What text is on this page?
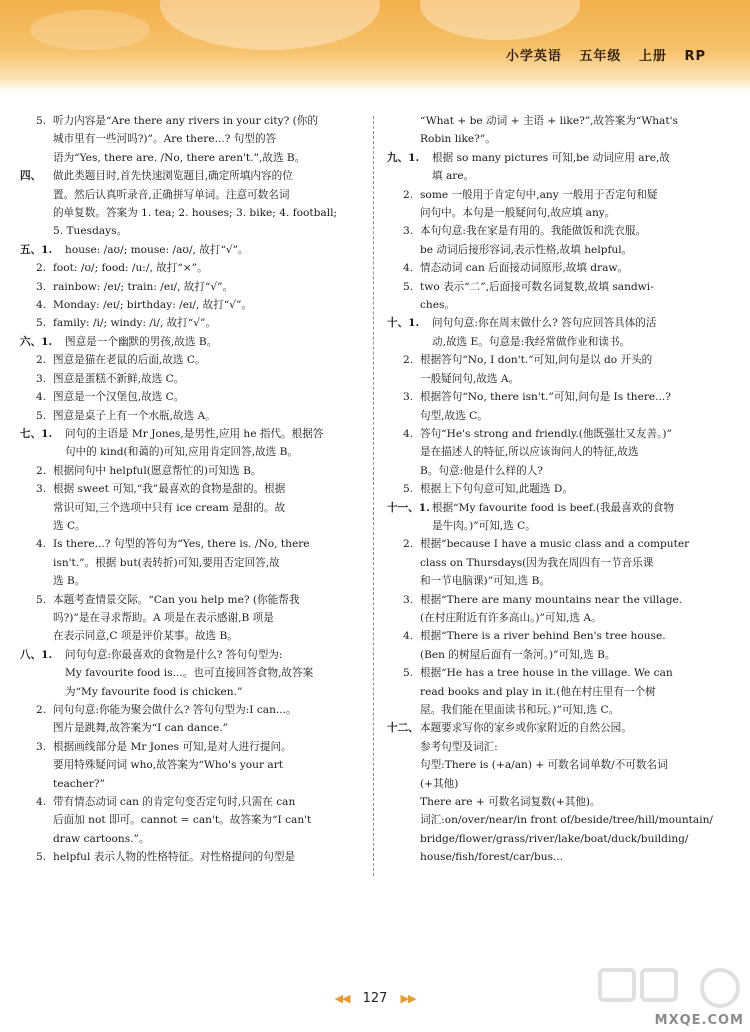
小学英语 五年级 上册 RP
5. 听力内容是“Are there any rivers in your city? (你的
城市里有一些河吗?)”。Are there...? 句型的答
语为“Yes, there are. /No, there aren't.”,故选 B。
四、 做此类题目时,首先快速浏览题目,确定所填内容的位
置。然后认真听录音,正确拼写单词。注意可数名词
的单复数。答案为 1. tea; 2. houses; 3. bike; 4. football;
5. Tuesdays。
五、1. house: /aʊ/; mouse: /aʊ/, 故打“√”。
2. foot: /ʊ/; food: /u:/, 故打“×”。
3. rainbow: /eɪ/; train: /eɪ/, 故打“√”。
4. Monday: /eɪ/; birthday: /eɪ/, 故打“√”。
5. family: /i/; windy: /i/, 故打“√”。
六、1. 图意是一个幽默的男孩,故选 B。
2. 图意是猫在老鼠的后面,故选 C。
3. 图意是蛋糕不新鲜,故选 C。
4. 图意是一个汉堡包,故选 C。
5. 图意是桌子上有一个水瓶,故选 A。
七、1. 问句的主语是 Mr Jones,是男性,应用 he 指代。根据答
句中的 kind(和蔼的)可知,应用肯定回答,故选 B。
2. 根据问句中 helpful(愿意帮忙的)可知选 B。
3. 根据 sweet 可知,“我”最喜欢的食物是甜的。根据
常识可知,三个选项中只有 ice cream 是甜的。故
选 C。
4. Is there...? 句型的答句为“Yes, there is. /No, there
isn't.”。根据 but(表转折)可知,要用否定回答,故
选 B。
5. 本题考查情景交际。“Can you help me? (你能帮我
吗?)”是在寻求帮助。A 项是在表示感谢,B 项是
在表示同意,C 项是评价某事。故选 B。
八、1. 问句句意:你最喜欢的食物是什么? 答句句型为:
My favourite food is...。也可直接回答食物,故答案
为“My favourite food is chicken.”
2. 问句句意:你能为聚会做什么? 答句句型为:I can...。
图片是跳舞,故答案为“I can dance.”
3. 根据画线部分是 Mr Jones 可知,是对人进行提问。
要用特殊疑问词 who,故答案为“Who's your art
teacher?”
4. 带有情态动词 can 的肯定句变否定句时,只需在 can
后面加 not 即可。cannot = can't。故答案为“I can't
draw cartoons.”。
5. helpful 表示人物的性格特征。对性格提问的句型是
“What + be 动词 + 主语 + like?”,故答案为“What's
Robin like?”。
九、1. 根据 so many pictures 可知,be 动词应用 are,故
填 are。
2. some 一般用于肯定句中,any 一般用于否定句和疑
问句中。本句是一般疑问句,故应填 any。
3. 本句句意:我在家是有用的。我能做饭和洗衣服。
be 动词后接形容词,表示性格,故填 helpful。
4. 情态动词 can 后面接动词原形,故填 draw。
5. two 表示“二”,后面接可数名词复数,故填 sandwi-
ches。
十、1. 问句句意:你在周末做什么? 答句应回答具体的活
动,故选 E。句意是:我经常做作业和读书。
2. 根据答句“No, I don't.”可知,问句是以 do 开头的
一般疑问句,故选 A。
3. 根据答句“No, there isn't.”可知,问句是 Is there...?
句型,故选 C。
4. 答句“He's strong and friendly.(他既强壮又友善。)”
是在描述人的特征,所以应该询问人的特征,故选
B。句意:他是什么样的人?
5. 根据上下句句意可知,此题选 D。
十一、1. 根据“My favourite food is beef.(我最喜欢的食物
是牛肉。)”可知,选 C。
2. 根据“because I have a music class and a computer
class on Thursdays(因为我在周四有一节音乐课
和一节电脑课)”可知,选 B。
3. 根据“There are many mountains near the village.
(在村庄附近有许多高山。)”可知,选 A。
4. 根据“There is a river behind Ben's tree house.
(Ben 的树屋后面有一条河。)”可知,选 B。
5. 根据“He has a tree house in the village. We can
read books and play in it.(他在村庄里有一个树
屋。我们能在里面读书和玩。)”可知,选 C。
十二、 本题要求写你的家乡或你家附近的自然公园。
参考句型及词汇:
句型:There is (+a/an) + 可数名词单数/不可数名词
(+其他)
There are + 可数名词复数(+其他)。
词汇:on/over/near/in front of/beside/tree/hill/mountain/
bridge/flower/grass/river/lake/boat/duck/building/
house/fish/forest/car/bus...
◀◀ 127 ▶▶
MXQE.COM
